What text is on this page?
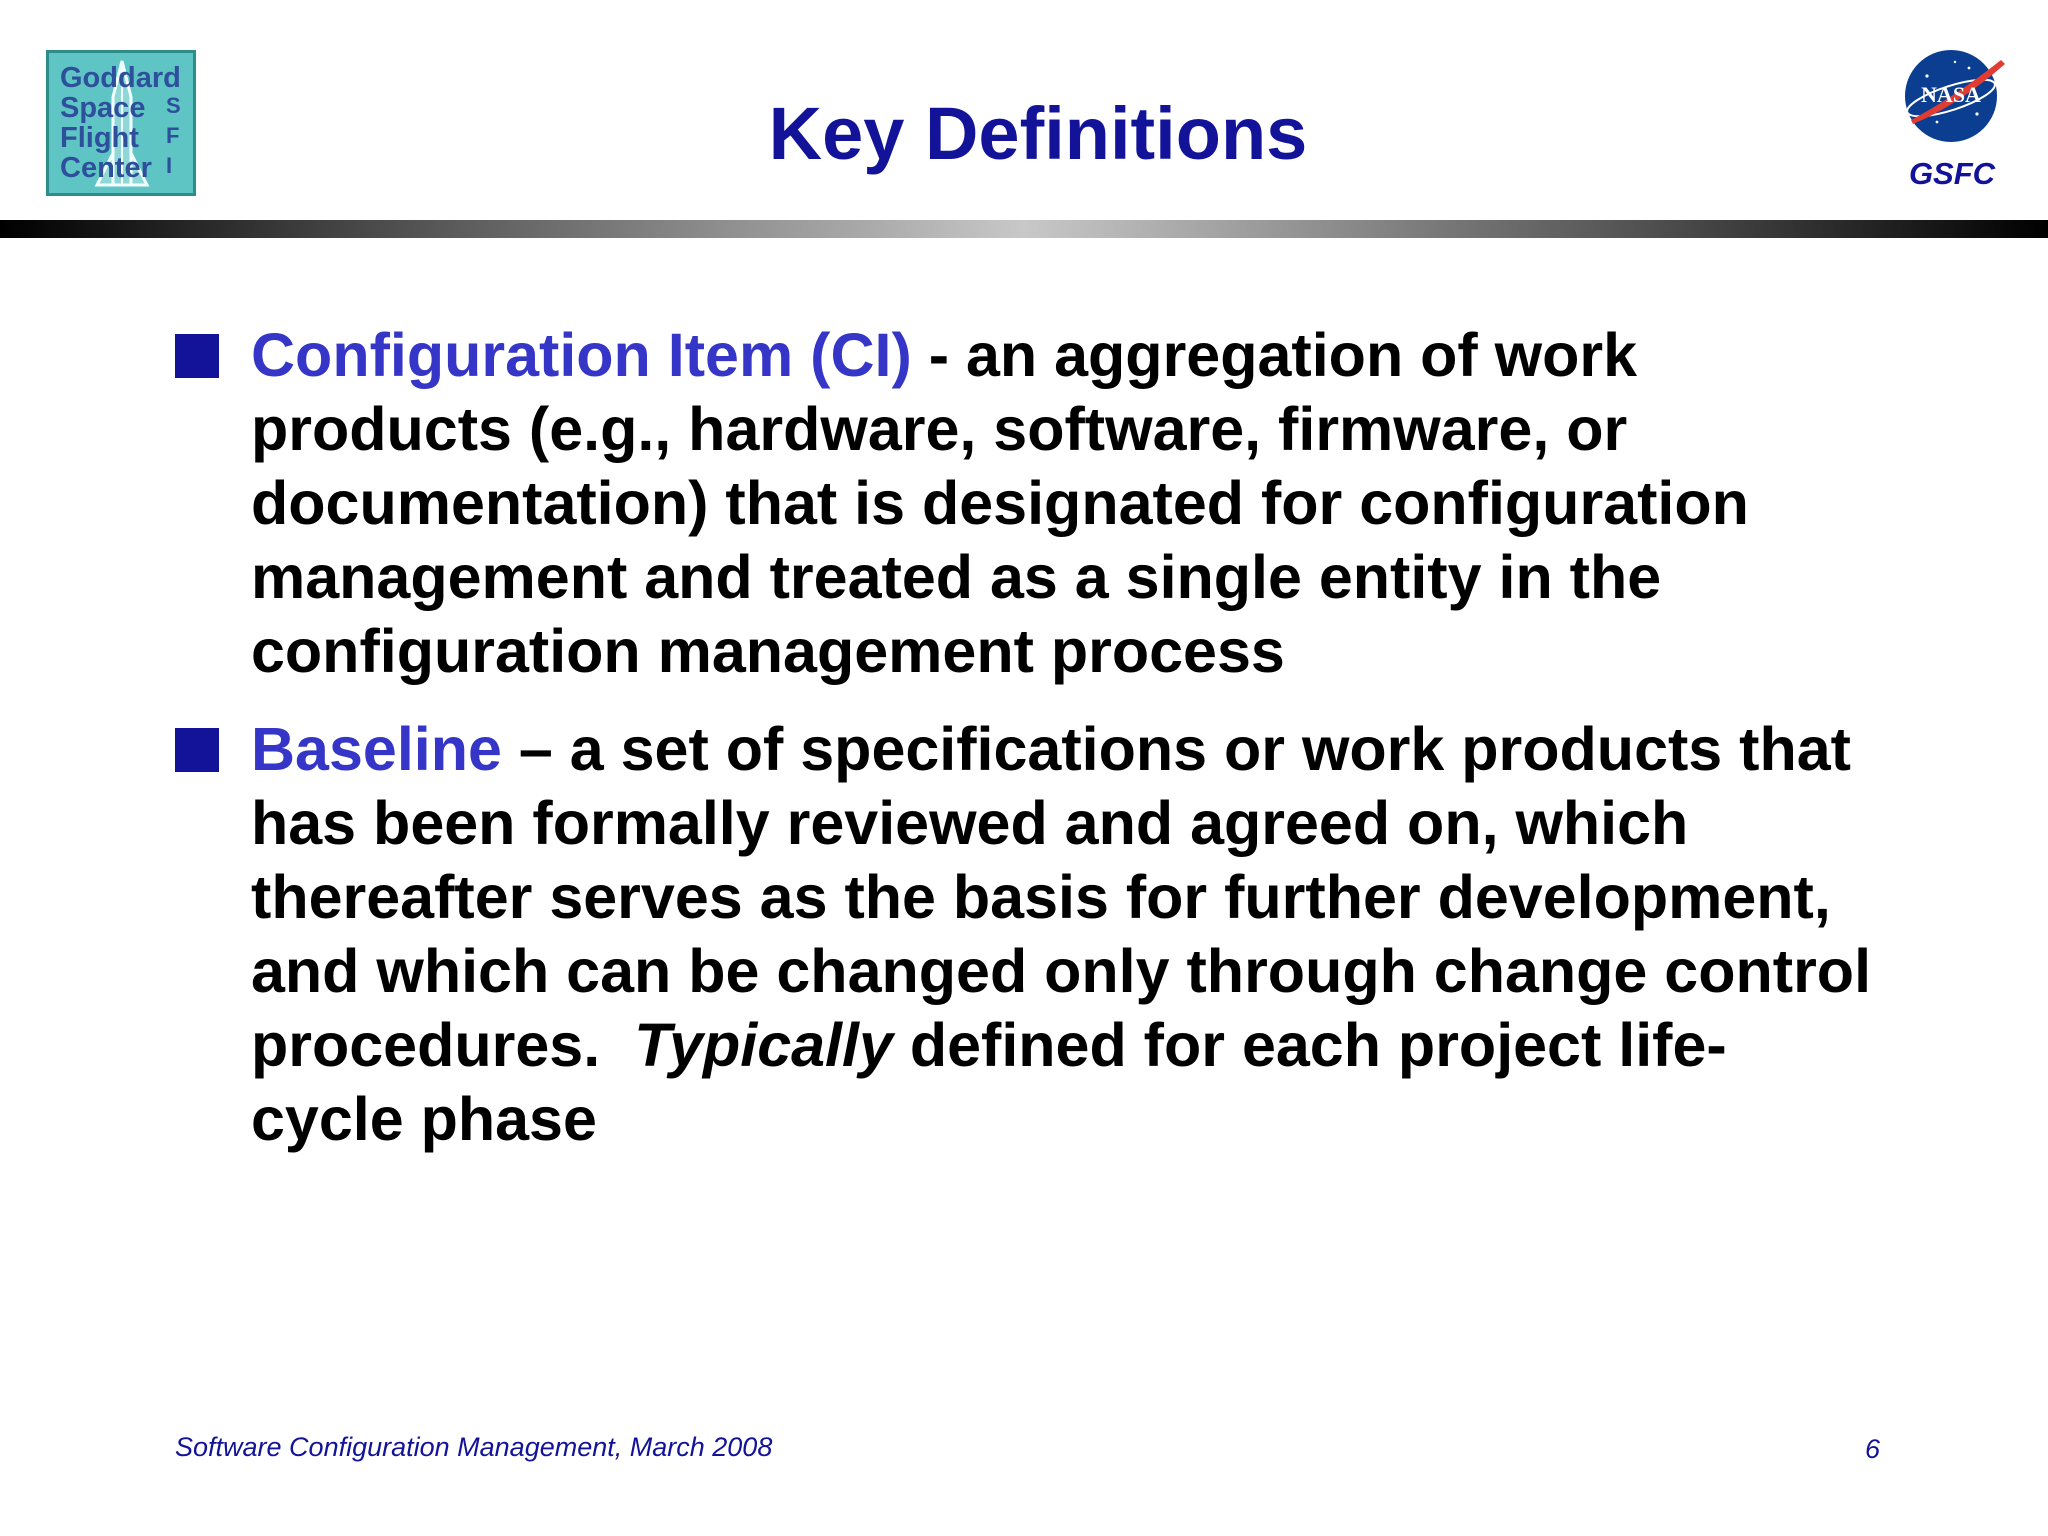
Goddard
Space
Flight
Center
S
F
I	Key Definitions	NASA
GSFC
Configuration Item (CI) - an aggregation of work products (e.g., hardware, software, firmware, or documentation) that is designated for configuration management and treated as a single entity in the configuration management process
Baseline – a set of specifications or work products that has been formally reviewed and agreed on, which thereafter serves as the basis for further development, and which can be changed only through change control procedures.  Typically defined for each project life-cycle phase
Software Configuration Management, March 2008	6
